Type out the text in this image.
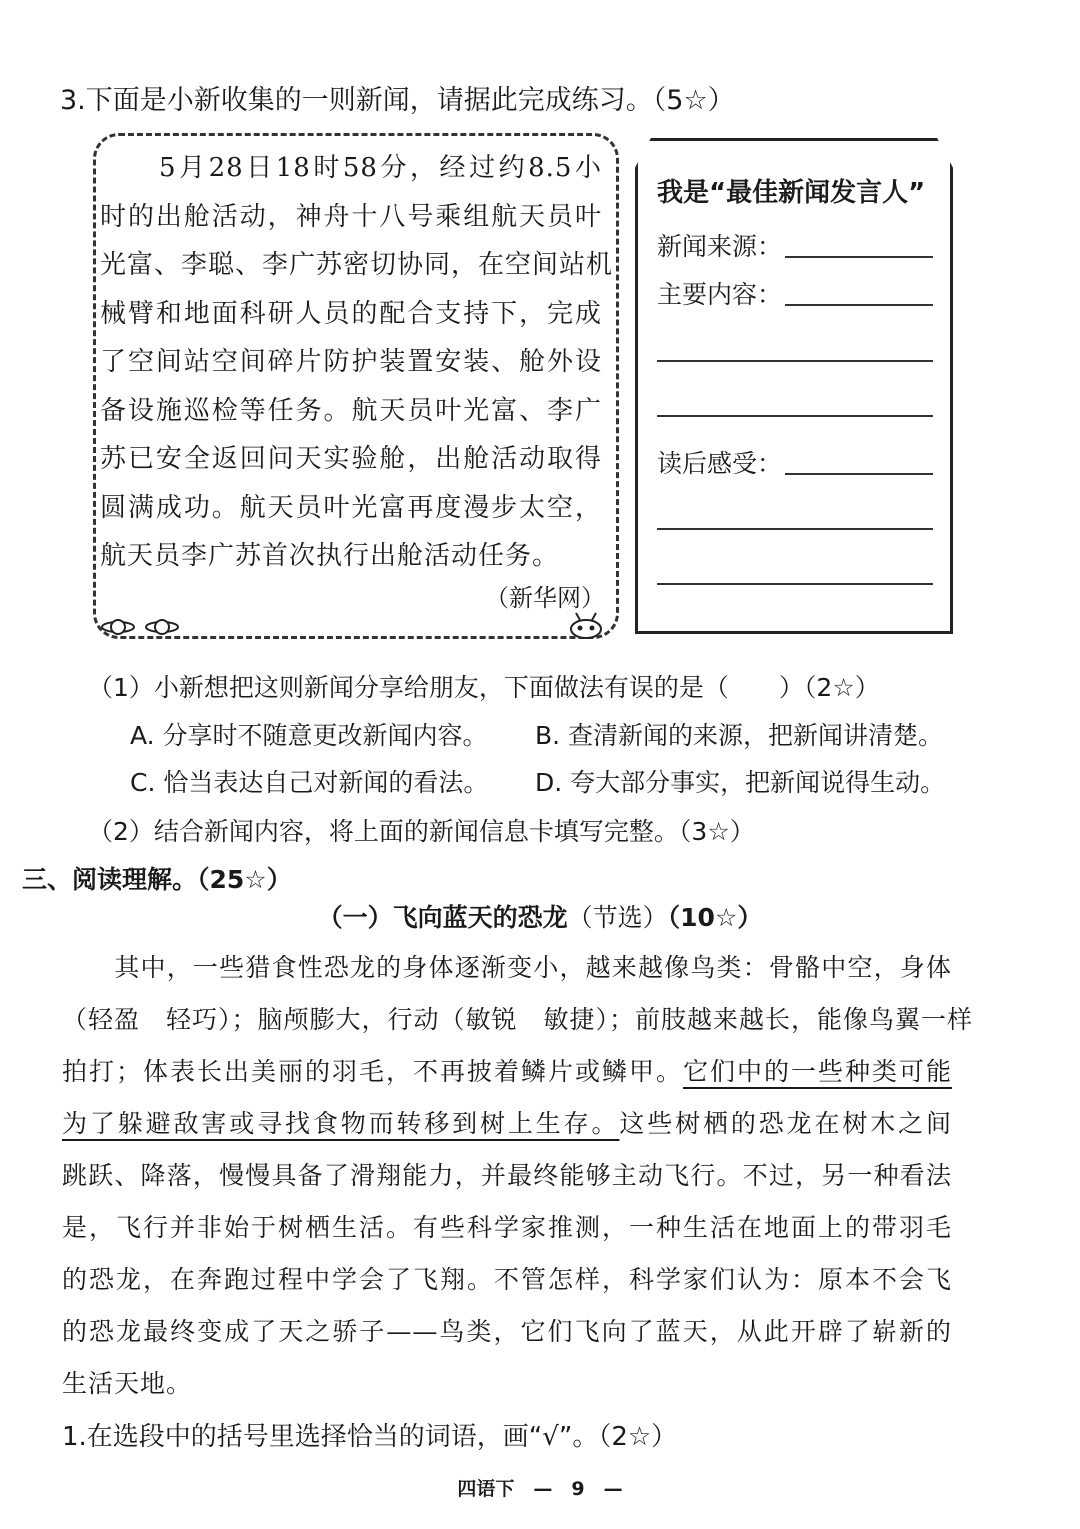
3.下面是小新收集的一则新闻，请据此完成练习。（5☆）
　　5月28日18时58分，经过约8.5小
时的出舱活动，神舟十八号乘组航天员叶
光富、李聪、李广苏密切协同，在空间站机
械臂和地面科研人员的配合支持下，完成
了空间站空间碎片防护装置安装、舱外设
备设施巡检等任务。航天员叶光富、李广
苏已安全返回问天实验舱，出舱活动取得
圆满成功。航天员叶光富再度漫步太空，
航天员李广苏首次执行出舱活动任务。
（新华网）
我是“最佳新闻发言人”
新闻来源：
主要内容：
读后感受：
（1）小新想把这则新闻分享给朋友，下面做法有误的是（　　）（2☆）
A. 分享时不随意更改新闻内容。 B. 查清新闻的来源，把新闻讲清楚。
C. 恰当表达自己对新闻的看法。 D. 夸大部分事实，把新闻说得生动。
（2）结合新闻内容，将上面的新闻信息卡填写完整。（3☆）
三、阅读理解。（25☆）
（一）飞向蓝天的恐龙（节选）（10☆）
　　其中，一些猎食性恐龙的身体逐渐变小，越来越像鸟类：骨骼中空，身体
（轻盈　轻巧）；脑颅膨大，行动（敏锐　敏捷）；前肢越来越长，能像鸟翼一样
拍打；体表长出美丽的羽毛，不再披着鳞片或鳞甲。它们中的一些种类可能
为了躲避敌害或寻找食物而转移到树上生存。这些树栖的恐龙在树木之间
跳跃、降落，慢慢具备了滑翔能力，并最终能够主动飞行。不过，另一种看法
是，飞行并非始于树栖生活。有些科学家推测，一种生活在地面上的带羽毛
的恐龙，在奔跑过程中学会了飞翔。不管怎样，科学家们认为：原本不会飞
的恐龙最终变成了天之骄子——鸟类，它们飞向了蓝天，从此开辟了崭新的
生活天地。
1.在选段中的括号里选择恰当的词语，画“√”。（2☆）
四语下　—　9　—
